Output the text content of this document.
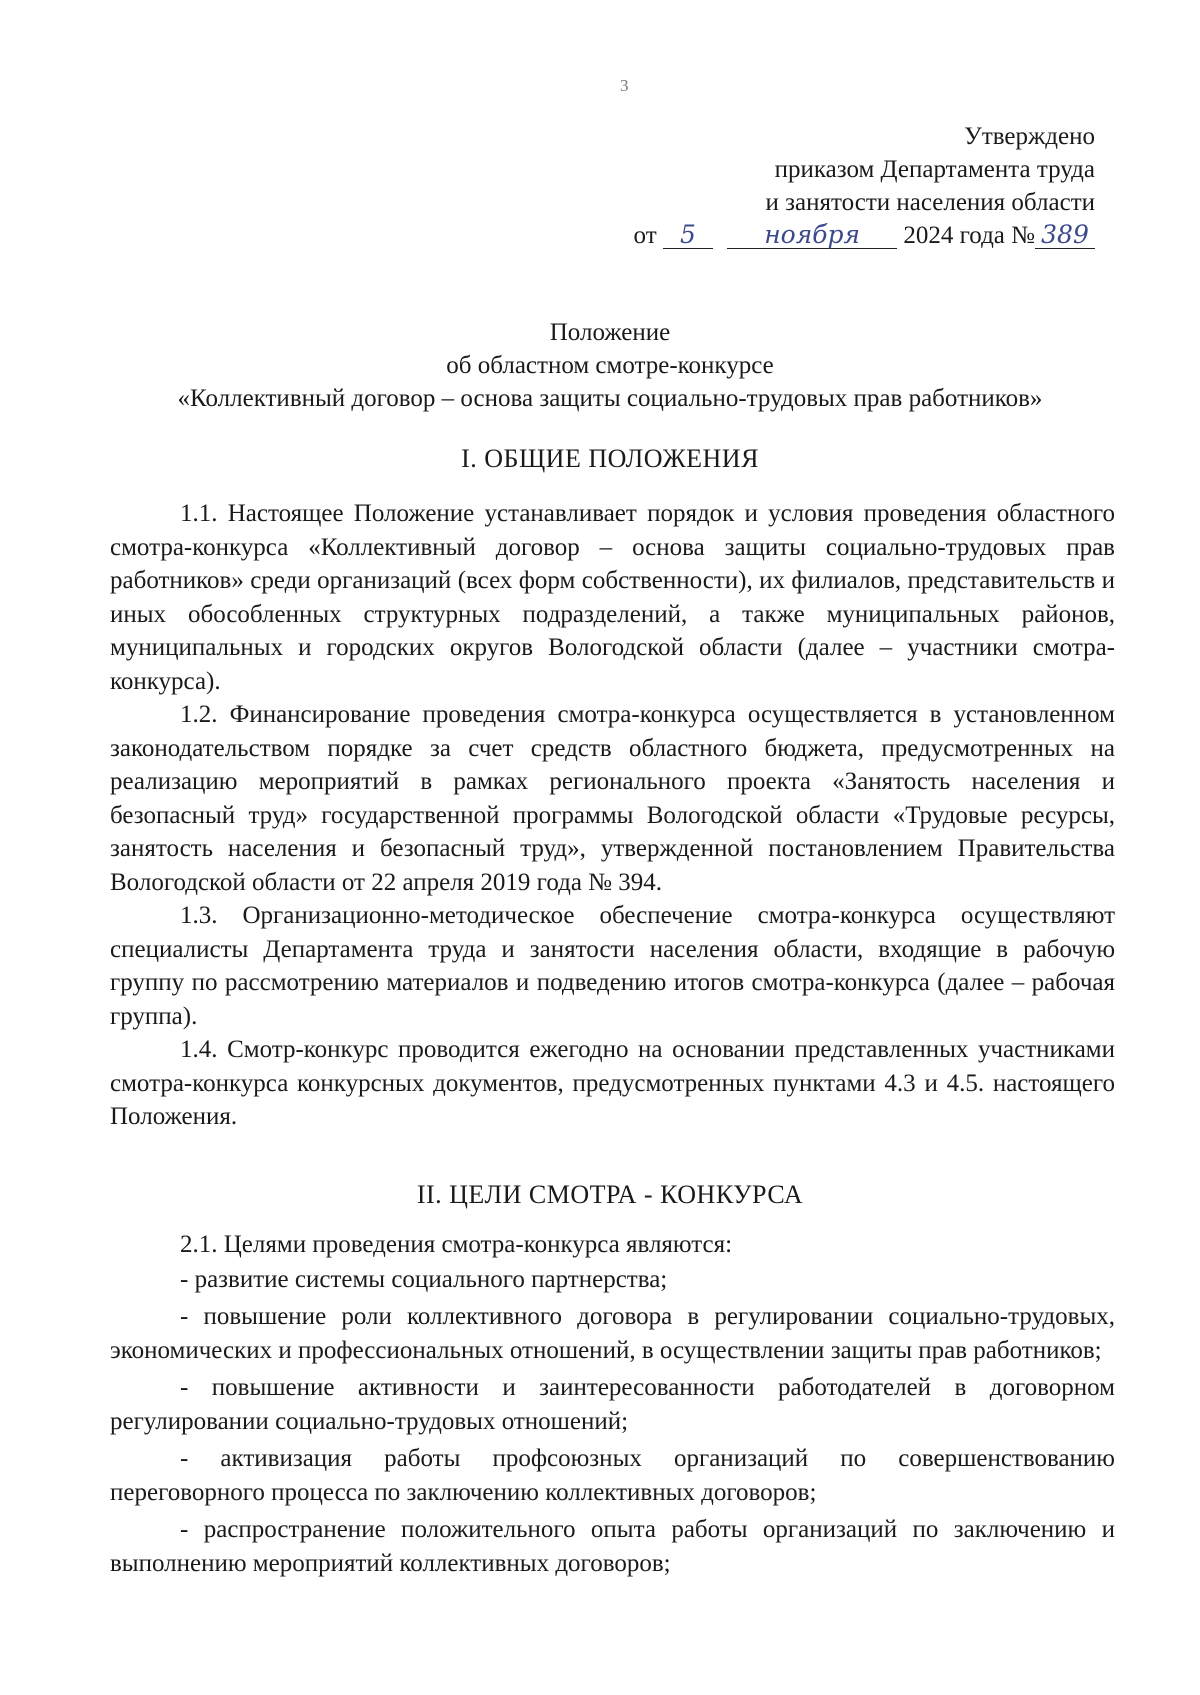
3
Утверждено
приказом Департамента труда
и занятости населения области
от 5	ноября 2024 года № 389
Положение
об областном смотре-конкурсе
«Коллективный договор – основа защиты социально-трудовых прав работников»
I. ОБЩИЕ ПОЛОЖЕНИЯ

1.1. Настоящее Положение устанавливает порядок и условия проведения областного смотра-конкурса «Коллективный договор – основа защиты социально-трудовых прав работников» среди организаций (всех форм собственности), их филиалов, представительств и иных обособленных структурных подразделений, а также муниципальных районов, муниципальных и городских округов Вологодской области (далее – участники смотра-конкурса).

1.2. Финансирование проведения смотра-конкурса осуществляется в установленном законодательством порядке за счет средств областного бюджета, предусмотренных на реализацию мероприятий в рамках регионального проекта «Занятость населения и безопасный труд» государственной программы Вологодской области «Трудовые ресурсы, занятость населения и безопасный труд», утвержденной постановлением Правительства Вологодской области от 22 апреля 2019 года № 394.

1.3. Организационно-методическое обеспечение смотра-конкурса осуществляют специалисты Департамента труда и занятости населения области, входящие в рабочую группу по рассмотрению материалов и подведению итогов смотра-конкурса (далее – рабочая группа).

1.4. Смотр-конкурс проводится ежегодно на основании представленных участниками смотра-конкурса конкурсных документов, предусмотренных пунктами 4.3 и 4.5. настоящего Положения.

II. ЦЕЛИ СМОТРА - КОНКУРСА

2.1. Целями проведения смотра-конкурса являются:

- развитие системы социального партнерства;

- повышение роли коллективного договора в регулировании социально-трудовых, экономических и профессиональных отношений, в осуществлении защиты прав работников;

- повышение активности и заинтересованности работодателей в договорном регулировании социально-трудовых отношений;

- активизация работы профсоюзных организаций по совершенствованию переговорного процесса по заключению коллективных договоров;

- распространение положительного опыта работы организаций по заключению и выполнению мероприятий коллективных договоров;
